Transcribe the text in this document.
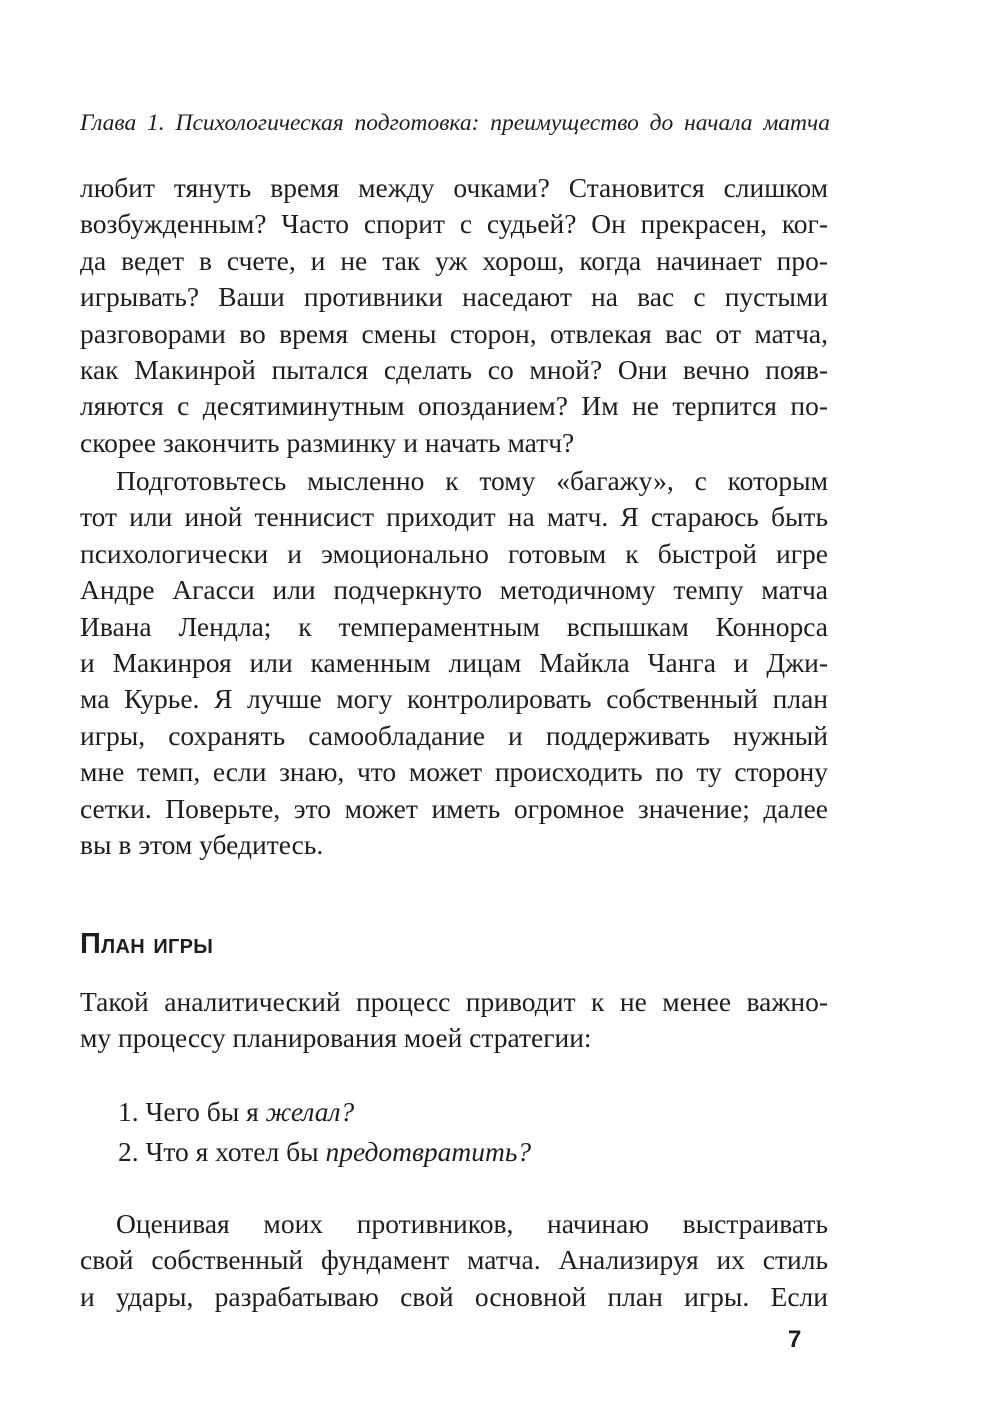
Глава 1. Психологическая подготовка: преимущество до начала матча
любит тянуть время между очками? Становится слишком
возбужденным? Часто спорит с судьей? Он прекрасен, ког-
да ведет в счете, и не так уж хорош, когда начинает про-
игрывать? Ваши противники наседают на вас с пустыми
разговорами во время смены сторон, отвлекая вас от матча,
как Макинрой пытался сделать со мной? Они вечно появ-
ляются с десятиминутным опозданием? Им не терпится по-
скорее закончить разминку и начать матч?
Подготовьтесь мысленно к тому «багажу», с которым
тот или иной теннисист приходит на матч. Я стараюсь быть
психологически и эмоционально готовым к быстрой игре
Андре Агасси или подчеркнуто методичному темпу матча
Ивана Лендла; к темпераментным вспышкам Коннорса
и Макинроя или каменным лицам Майкла Чанга и Джи-
ма Курье. Я лучше могу контролировать собственный план
игры, сохранять самообладание и поддерживать нужный
мне темп, если знаю, что может происходить по ту сторону
сетки. Поверьте, это может иметь огромное значение; далее
вы в этом убедитесь.
План игры
Такой аналитический процесс приводит к не менее важно-
му процессу планирования моей стратегии:
1. Чего бы я желал?
2. Что я хотел бы предотвратить?
Оценивая моих противников, начинаю выстраивать
свой собственный фундамент матча. Анализируя их стиль
и удары, разрабатываю свой основной план игры. Если
7
